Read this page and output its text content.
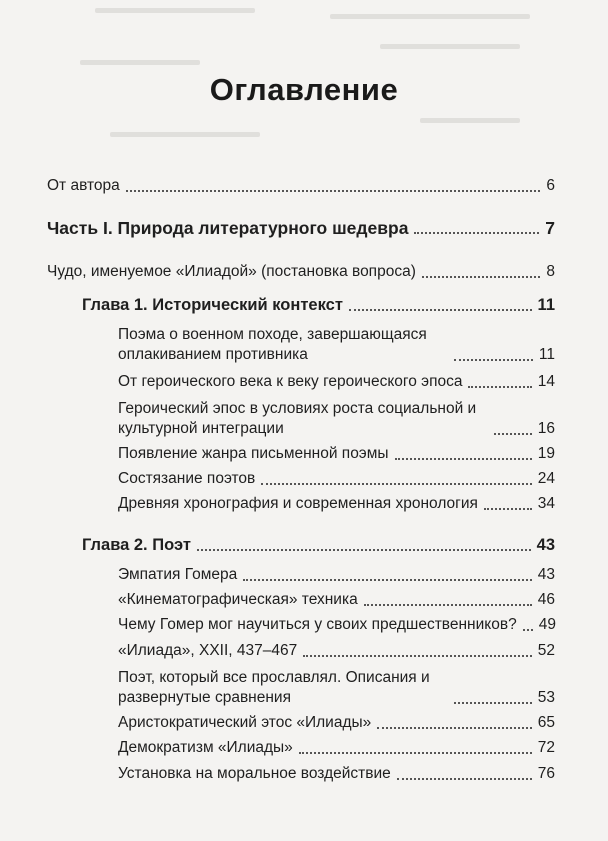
Оглавление
От автора	6
Часть I. Природа литературного шедевра	7
Чудо, именуемое «Илиадой» (постановка вопроса)	8
Глава 1. Исторический контекст	11
Поэма о военном походе, завершающаяся оплакиванием противника	11
От героического века к веку героического эпоса	14
Героический эпос в условиях роста социальной и культурной интеграции	16
Появление жанра письменной поэмы	19
Состязание поэтов	24
Древняя хронография и современная хронология	34
Глава 2. Поэт	43
Эмпатия Гомера	43
«Кинематографическая» техника	46
Чему Гомер мог научиться у своих предшественников? 49
«Илиада», XXII, 437–467	52
Поэт, который все прославлял. Описания и развернутые сравнения	53
Аристократический этос «Илиады»	65
Демократизм «Илиады»	72
Установка на моральное воздействие	76
